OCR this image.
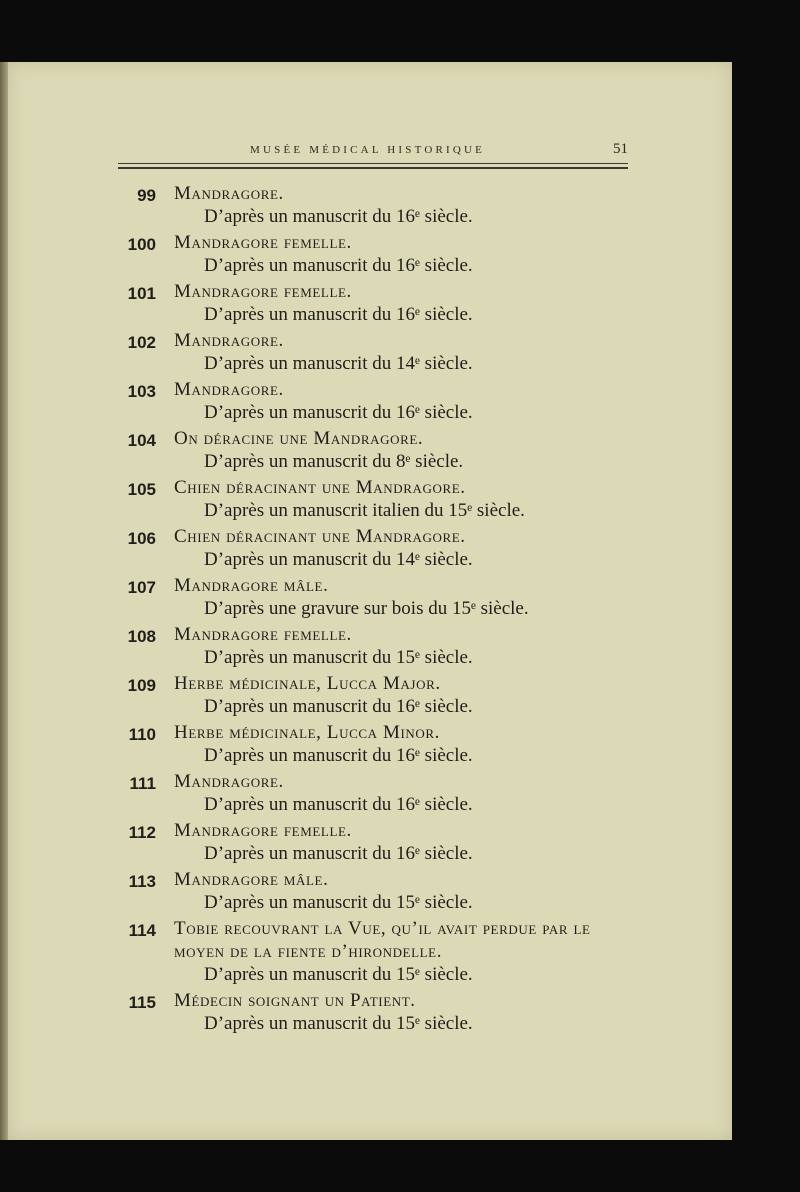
MUSÉE MÉDICAL HISTORIQUE	51
99 Mandragore.
D’après un manuscrit du 16ᵉ siècle.
100 Mandragore femelle.
D’après un manuscrit du 16ᵉ siècle.
101 Mandragore femelle.
D’après un manuscrit du 16ᵉ siècle.
102 Mandragore.
D’après un manuscrit du 14ᵉ siècle.
103 Mandragore.
D’après un manuscrit du 16ᵉ siècle.
104 On déracine une Mandragore.
D’après un manuscrit du 8ᵉ siècle.
105 Chien déracinant une Mandragore.
D’après un manuscrit italien du 15ᵉ siècle.
106 Chien déracinant une Mandragore.
D’après un manuscrit du 14ᵉ siècle.
107 Mandragore mâle.
D’après une gravure sur bois du 15ᵉ siècle.
108 Mandragore femelle.
D’après un manuscrit du 15ᵉ siècle.
109 Herbe médicinale, Lucca Major.
D’après un manuscrit du 16ᵉ siècle.
110 Herbe médicinale, Lucca Minor.
D’après un manuscrit du 16ᵉ siècle.
111 Mandragore.
D’après un manuscrit du 16ᵉ siècle.
112 Mandragore femelle.
D’après un manuscrit du 16ᵉ siècle.
113 Mandragore mâle.
D’après un manuscrit du 15ᵉ siècle.
114 Tobie recouvrant la Vue, qu’il avait perdue par le moyen de la fiente d’hirondelle.
D’après un manuscrit du 15ᵉ siècle.
115 Médecin soignant un Patient.
D’après un manuscrit du 15ᵉ siècle.
